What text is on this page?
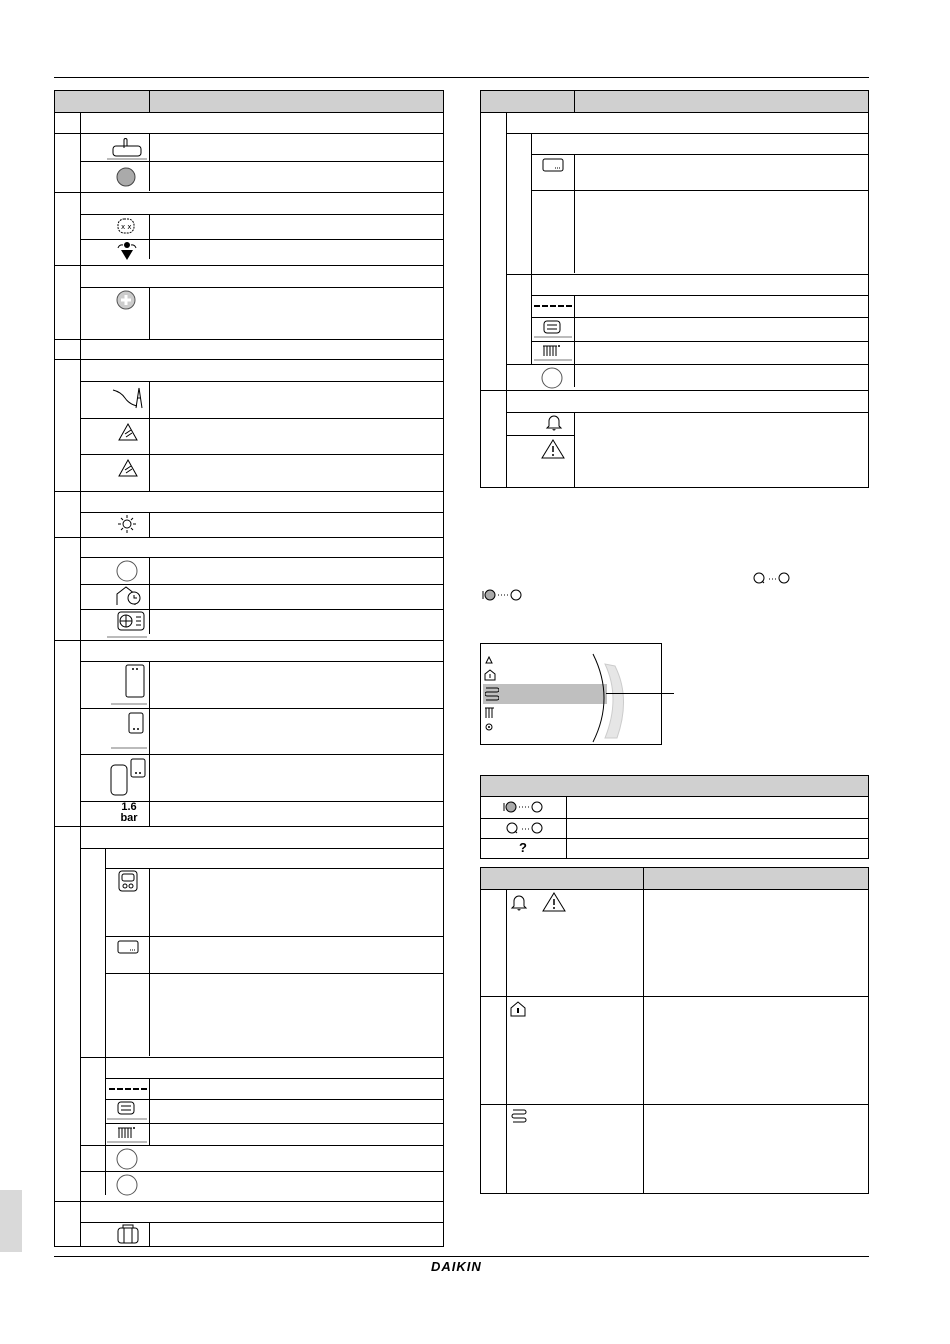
DAIKIN
x x
1.6
bar
?
